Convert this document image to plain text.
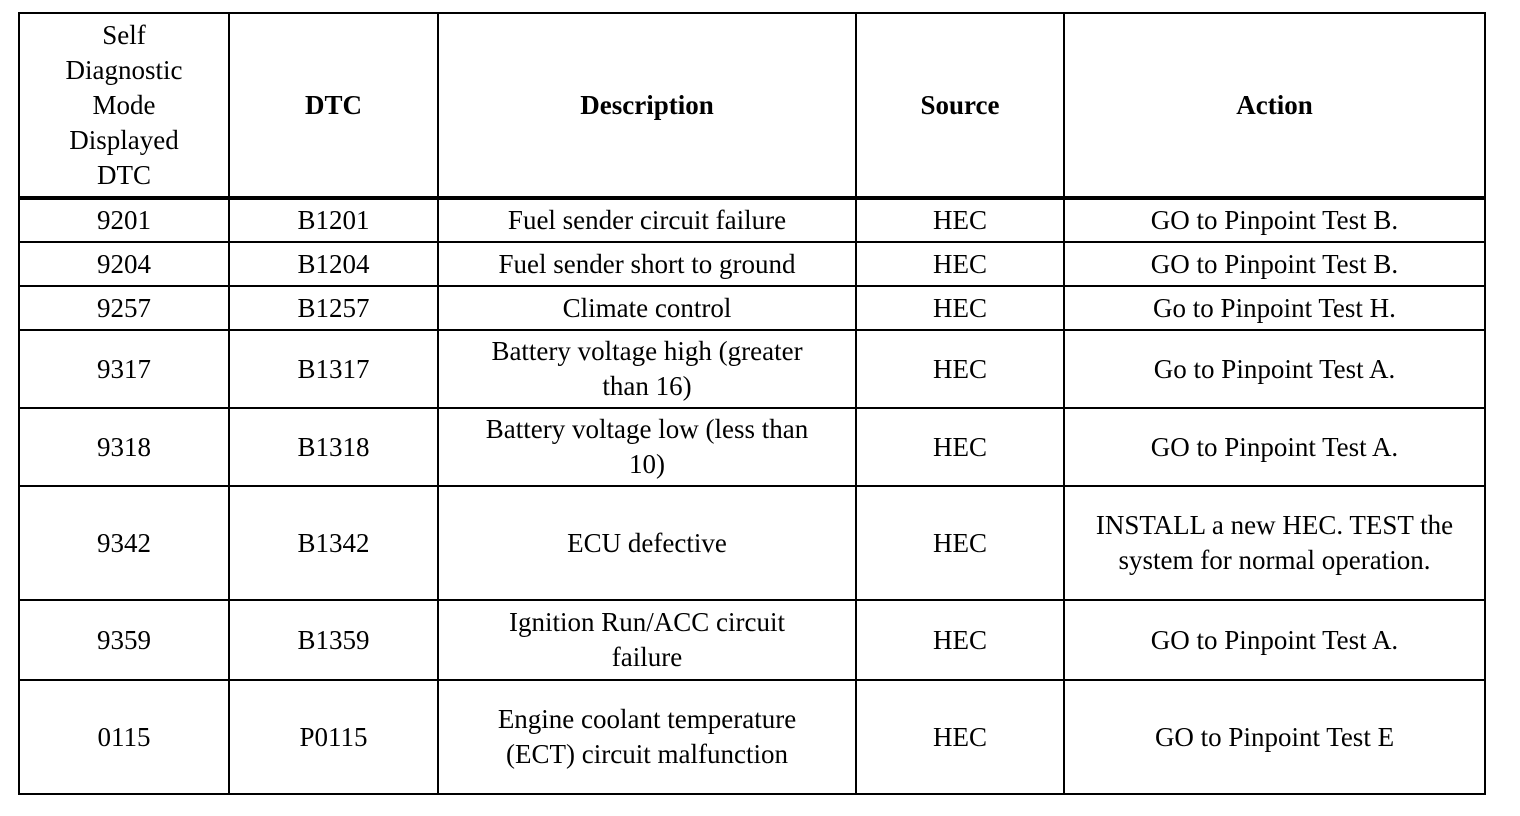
Self Diagnostic Mode Displayed DTC	DTC	Description	Source	Action
9201	B1201	Fuel sender circuit failure	HEC	GO to Pinpoint Test B.
9204	B1204	Fuel sender short to ground	HEC	GO to Pinpoint Test B.
9257	B1257	Climate control	HEC	Go to Pinpoint Test H.
9317	B1317	Battery voltage high (greater than 16)	HEC	Go to Pinpoint Test A.
9318	B1318	Battery voltage low (less than 10)	HEC	GO to Pinpoint Test A.
9342	B1342	ECU defective	HEC	INSTALL a new HEC. TEST the system for normal operation.
9359	B1359	Ignition Run/ACC circuit failure	HEC	GO to Pinpoint Test A.
0115	P0115	Engine coolant temperature (ECT) circuit malfunction	HEC	GO to Pinpoint Test E
